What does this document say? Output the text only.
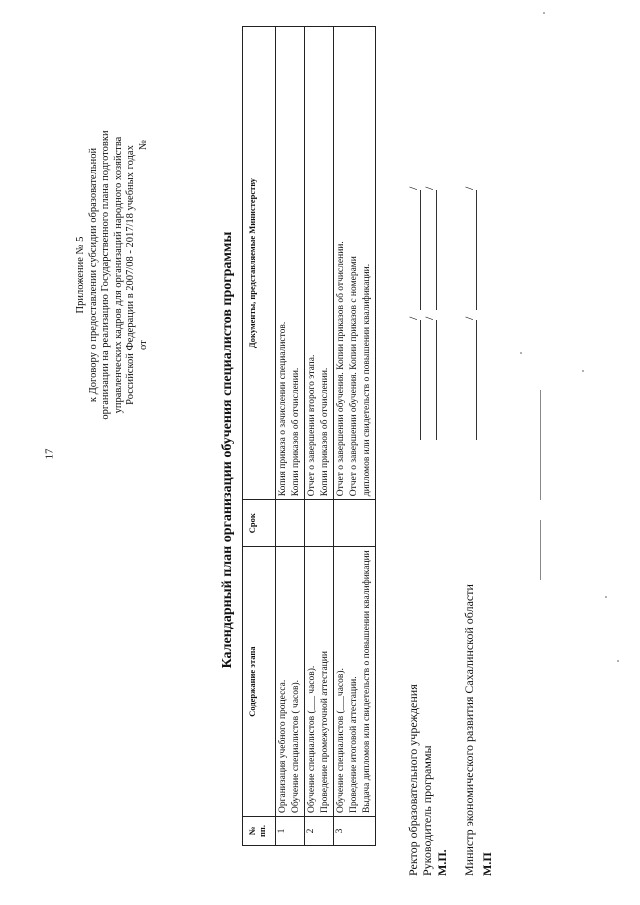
17
Приложение № 5 к Договору о предоставлении субсидии образовательной организации на реализацию Государственного плана подготовки управленческих кадров для организаций народного хозяйства Российской Федерации в 2007/08 - 2017/18 учебных годах от
№
Календарный план организации обучения специалистов программы
№ пп.	Содержание этапа	Срок	Документы, представляемые Министерству
1	Организация учебного процесса. Обучение специалистов ( часов).		Копия приказа о зачислении специалистов. Копии приказов об отчислении.

2	Обучение специалистов (___ часов). Проведение промежуточной аттестации		Отчет о завершении второго этапа. Копии приказов об отчислении.

3	Обучение специалистов (___часов). Проведение итоговой аттестации. Выдача дипломов или свидетельств о повышении квалификации		Отчет о завершении обучения. Копии приказов об отчислении. Отчет о завершении обучения. Копии приказов с номерами дипломов или свидетельств о повышении квалификации.
Ректор образовательного учреждения Руководитель программы М.П.
/
/
/
/
Министр экономического развития Сахалинской области М.П
/
/
